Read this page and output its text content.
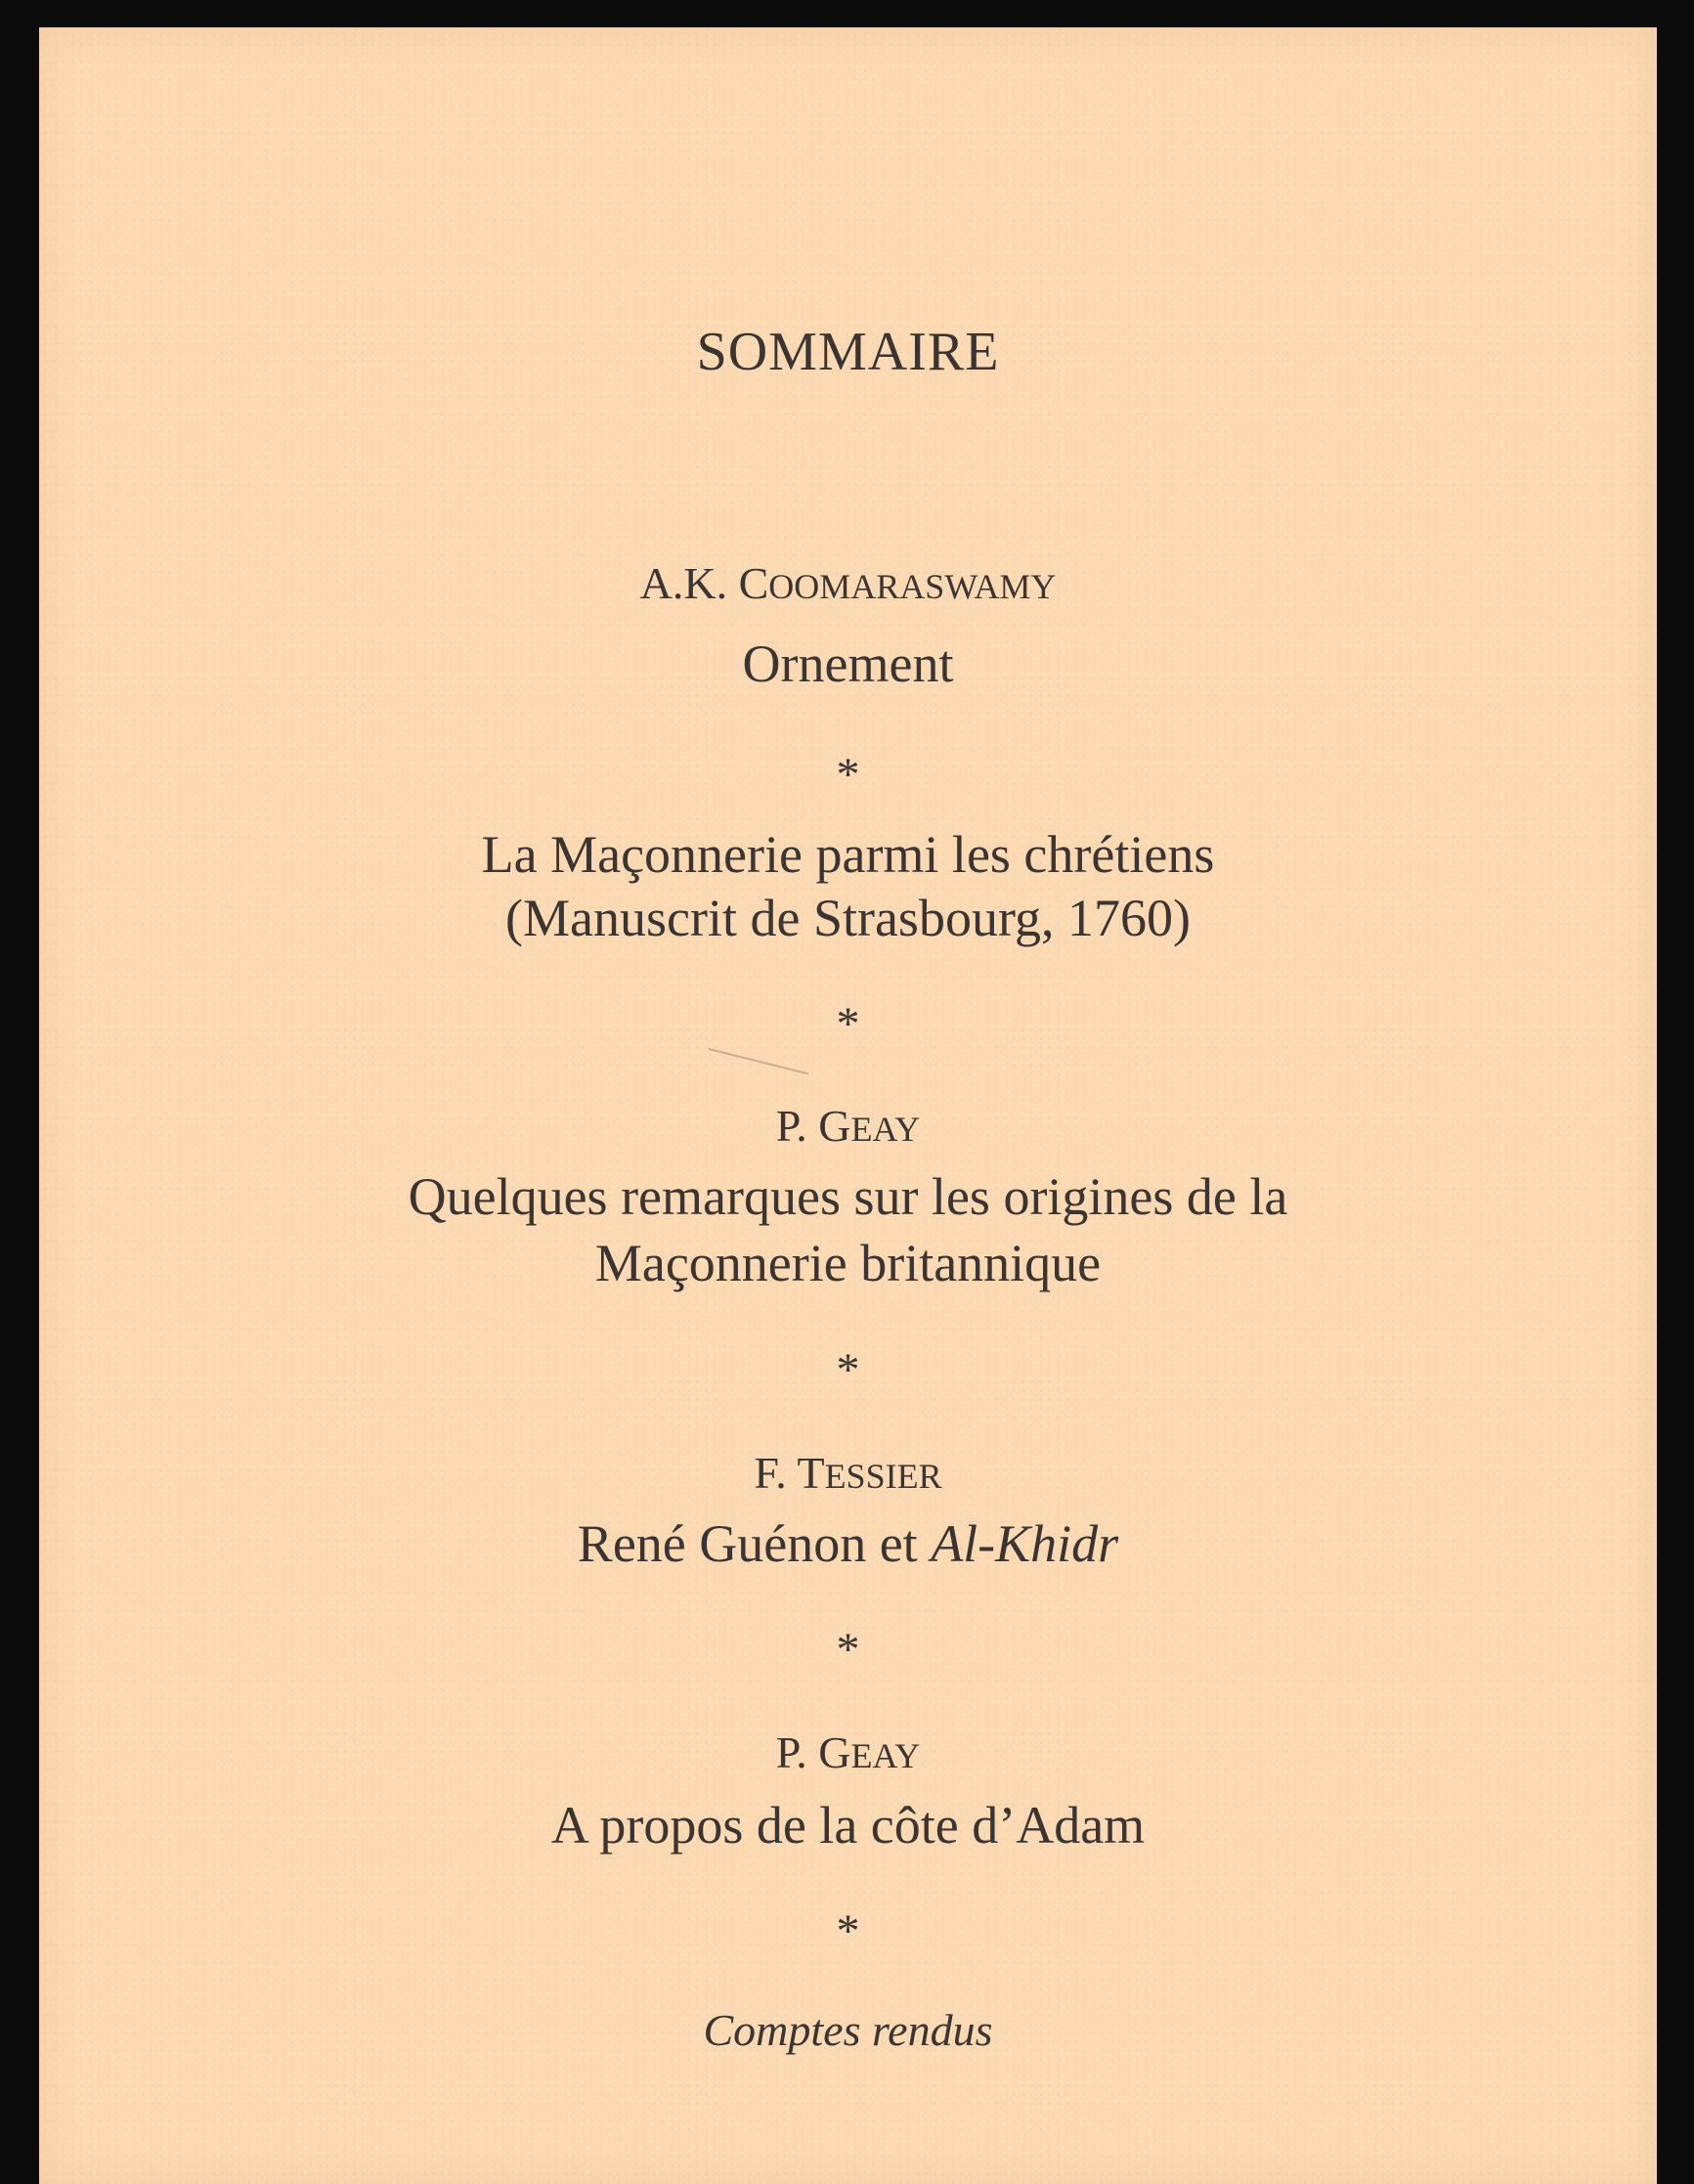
SOMMAIRE
A.K. COOMARASWAMY
Ornement
*
La Maçonnerie parmi les chrétiens
(Manuscrit de Strasbourg, 1760)
*
P. GEAY
Quelques remarques sur les origines de la
Maçonnerie britannique
*
F. TESSIER
René Guénon et Al-Khidr
*
P. GEAY
A propos de la côte d’Adam
*
Comptes rendus
